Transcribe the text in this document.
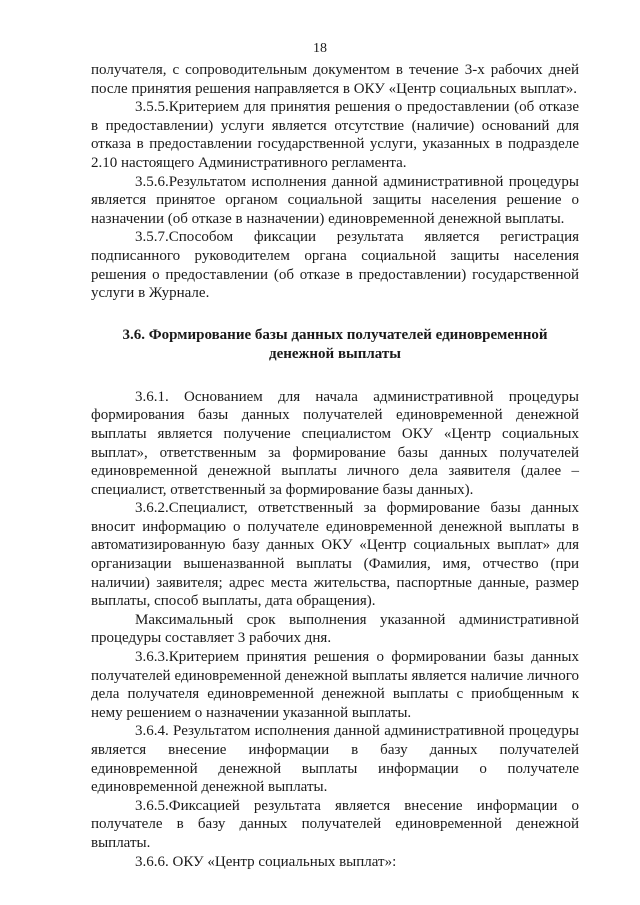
18

получателя, с сопроводительным документом в течение 3-х рабочих дней после принятия решения направляется в ОКУ «Центр социальных выплат».

3.5.5.Критерием для принятия решения о предоставлении (об отказе в предоставлении) услуги является отсутствие (наличие) оснований для отказа в предоставлении государственной услуги, указанных в подразделе 2.10 настоящего Административного регламента.

3.5.6.Результатом исполнения данной административной процедуры является принятое органом социальной защиты населения решение о назначении (об отказе в назначении) единовременной денежной выплаты.

3.5.7.Способом фиксации результата является регистрация подписанного руководителем органа социальной защиты населения решения о предоставлении (об отказе в предоставлении) государственной услуги в Журнале.

3.6. Формирование базы данных получателей единовременной денежной выплаты

3.6.1. Основанием для начала административной процедуры формирования базы данных получателей единовременной денежной выплаты является получение специалистом ОКУ «Центр социальных выплат», ответственным за формирование базы данных получателей единовременной денежной выплаты личного дела заявителя (далее – специалист, ответственный за формирование базы данных).

3.6.2.Специалист, ответственный за формирование базы данных вносит информацию о получателе единовременной денежной выплаты в автоматизированную базу данных ОКУ «Центр социальных выплат» для организации вышеназванной выплаты (Фамилия, имя, отчество (при наличии) заявителя; адрес места жительства, паспортные данные, размер выплаты, способ выплаты, дата обращения).

Максимальный срок выполнения указанной административной процедуры составляет 3 рабочих дня.

3.6.3.Критерием принятия решения о формировании базы данных получателей единовременной денежной выплаты является наличие личного дела получателя единовременной денежной выплаты с приобщенным к нему решением о назначении указанной выплаты.

3.6.4. Результатом исполнения данной административной процедуры является внесение информации в базу данных получателей единовременной денежной выплаты информации о получателе единовременной денежной выплаты.

3.6.5.Фиксацией результата является внесение информации о получателе в базу данных получателей единовременной денежной выплаты.

3.6.6. ОКУ «Центр социальных выплат»:
